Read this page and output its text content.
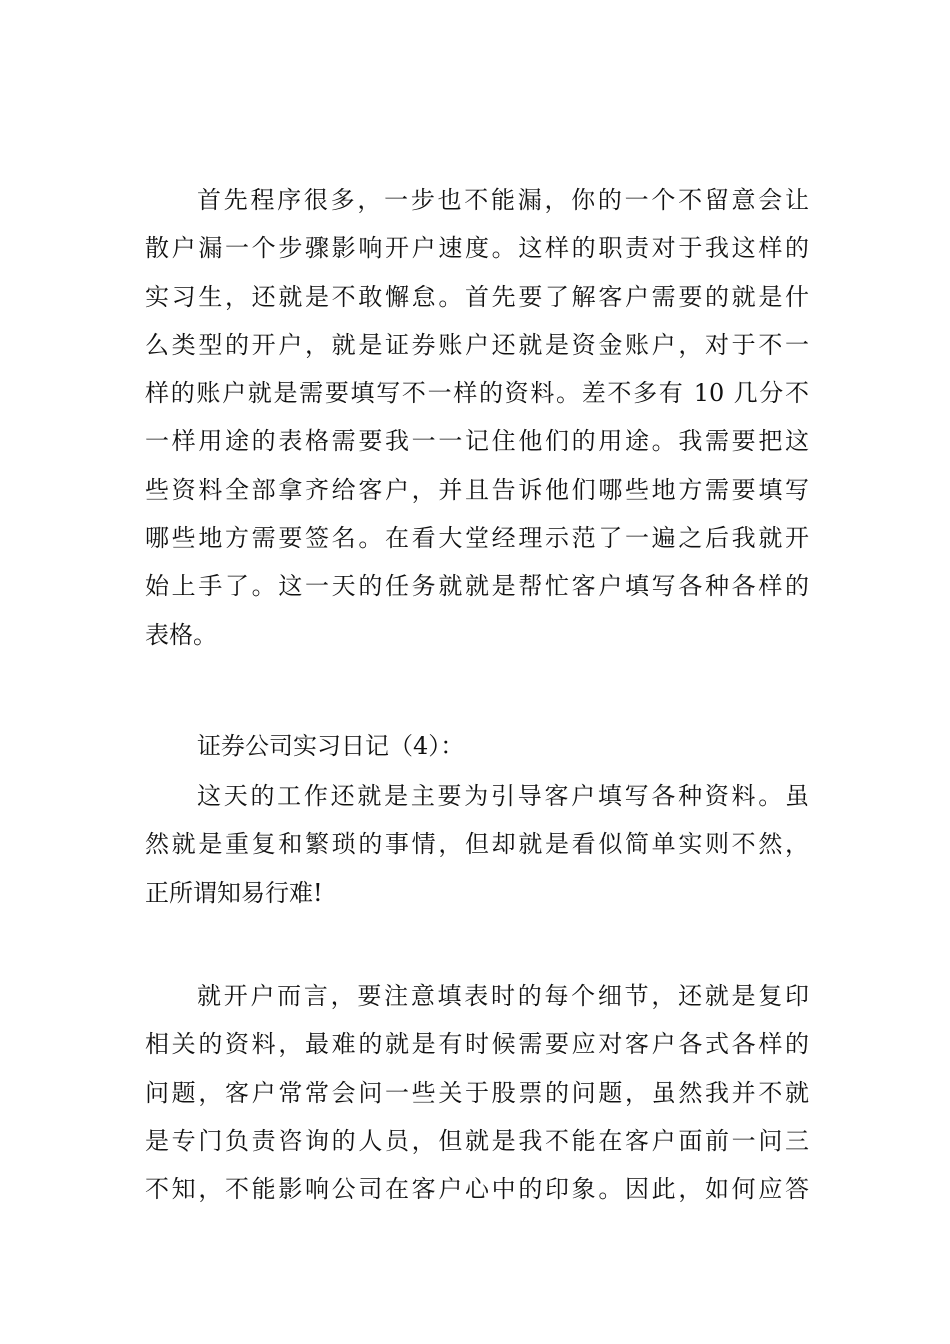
首先程序很多，一步也不能漏，你的一个不留意会让
散户漏一个步骤影响开户速度。这样的职责对于我这样的
实习生，还就是不敢懈怠。首先要了解客户需要的就是什
么类型的开户，就是证券账户还就是资金账户，对于不一
样的账户就是需要填写不一样的资料。差不多有 10 几分不
一样用途的表格需要我一一记住他们的用途。我需要把这
些资料全部拿齐给客户，并且告诉他们哪些地方需要填写
哪些地方需要签名。在看大堂经理示范了一遍之后我就开
始上手了。这一天的任务就就是帮忙客户填写各种各样的
表格。

证券公司实习日记（4）：

这天的工作还就是主要为引导客户填写各种资料。虽
然就是重复和繁琐的事情，但却就是看似简单实则不然，
正所谓知易行难!
就开户而言，要注意填表时的每个细节，还就是复印
相关的资料，最难的就是有时候需要应对客户各式各样的
问题，客户常常会问一些关于股票的问题，虽然我并不就
是专门负责咨询的人员，但就是我不能在客户面前一问三
不知，不能影响公司在客户心中的印象。因此，如何应答
